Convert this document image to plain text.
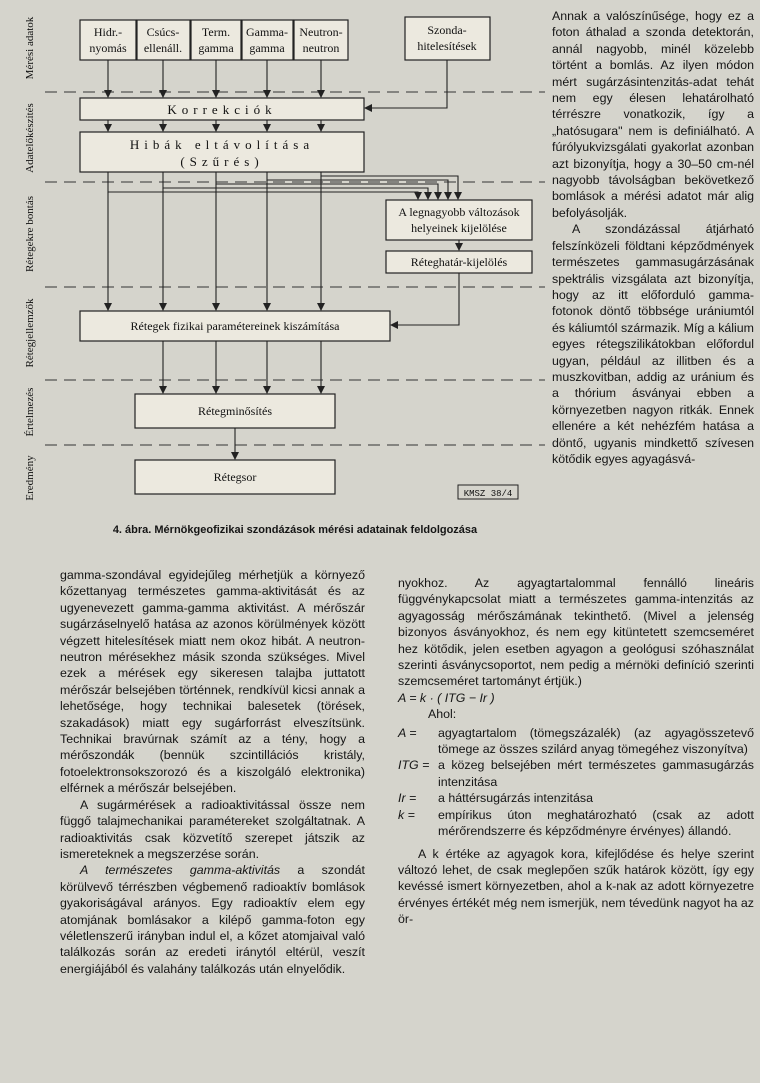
Mérési adatok
Adatelőkészítés
Rétegekre bontás
Rétegjellemzők
Értelmezés
Eredmény
Hidr.-
nyomás
Csúcs-
ellenáll.
Term.
gamma
Gamma-
gamma
Neutron-
neutron
Szonda-
hitelesítések
Korrekciók
Hibák eltávolítása
(Szűrés)
A legnagyobb változások
helyeinek kijelölése
Réteghatár-kijelölés
Rétegek fizikai paramétereinek kiszámítása
Rétegminősítés
Rétegsor
KMSZ 38/4
4. ábra. Mérnökgeofizikai szondázások mérési adatainak feldolgozása

Annak a valószínűsége, hogy ez a foton áthalad a szonda detektorán, annál nagyobb, minél közelebb történt a bomlás. Az ilyen módon mért sugárzásintenzitás-adat tehát nem egy élesen lehatárolható térrészre vonatkozik, így a „hatósugara" nem is definiálható. A fúrólyukvizsgálati gyakorlat azonban azt bizonyítja, hogy a 30–50 cm-nél nagyobb távolságban bekövetkező bomlások a mérési adatot már alig befolyásolják.

A szondázással átjárható felszínközeli földtani képződmények természetes gammasugárzásának spektrális vizsgálata azt bizonyítja, hogy az itt előforduló gamma-fotonok döntő többsége urániumtól és káliumtól származik. Míg a kálium egyes rétegszilikátokban előfordul ugyan, például az illitben és a muszkovitban, addig az uránium és a thórium ásványai ebben a környezetben nagyon ritkák. Ennek ellenére a két nehézfém hatása a döntő, ugyanis mindkettő szívesen kötődik egyes agyagásvá-

gamma-szondával egyidejűleg mérhetjük a környező kőzettanyag természetes gamma-aktivitását és az ugyenevezett gamma-gamma aktivitást. A mérőszár sugárzáselnyelő hatása az azonos körülmények között végzett hitelesítések miatt nem okoz hibát. A neutron-neutron mérésekhez másik szonda szükséges. Mivel ezek a mérések egy sikeresen talajba juttatott mérőszár belsejében történnek, rendkívül kicsi annak a lehetősége, hogy technikai balesetek (törések, szakadások) miatt egy sugárforrást elveszítsünk. Technikai bravúrnak számít az a tény, hogy a mérőszondák (bennük szcintillációs kristály, fotoelektronsokszorozó és a kiszolgáló elektronika) elférnek a mérőszár belsejében.

A sugármérések a radioaktivitással össze nem függő talajmechanikai paramétereket szolgáltatnak. A radioaktivitás csak közvetítő szerepet játszik az ismereteknek a megszerzése során.

A természetes gamma-aktivitás a szondát körülvevő térrészben végbemenő radioaktív bomlások gyakoriságával arányos. Egy radioaktív elem egy atomjának bomlásakor a kilépő gamma-foton egy véletlenszerű irányban indul el, a kőzet atomjaival való találkozás során az eredeti iránytól eltérül, veszít energiájából és valahány találkozás után elnyelődik.

nyokhoz. Az agyagtartalommal fennálló lineáris függvénykapcsolat miatt a természetes gamma-intenzitás az agyagosság mérőszámának tekinthető. (Mivel a jelenség bizonyos ásványokhoz, és nem egy kitüntetett szemcseméret hez kötődik, jelen esetben agyagon a geológusi szóhasználat szerinti ásványcsoportot, nem pedig a mérnöki definíció szerinti szemcseméret tartományt értjük.)

A = k · ( ITG − Ir )

Ahol:

A =	agyagtartalom (tömegszázalék) (az agyagösszetevő tömege az összes szilárd anyag tömegéhez viszonyítva)
ITG = a közeg belsejében mért természetes gammasugárzás intenzitása
Ir =	a háttérsugárzás intenzitása
k =	empírikus úton meghatározható (csak az adott mérőrendszerre és képződményre érvényes) állandó.

A k értéke az agyagok kora, kifejlődése és helye szerint változó lehet, de csak meglepően szűk határok között, így egy kevéssé ismert környezetben, ahol a k-nak az adott környezetre érvényes értékét még nem ismerjük, nem tévedünk nagyot ha az ör-
